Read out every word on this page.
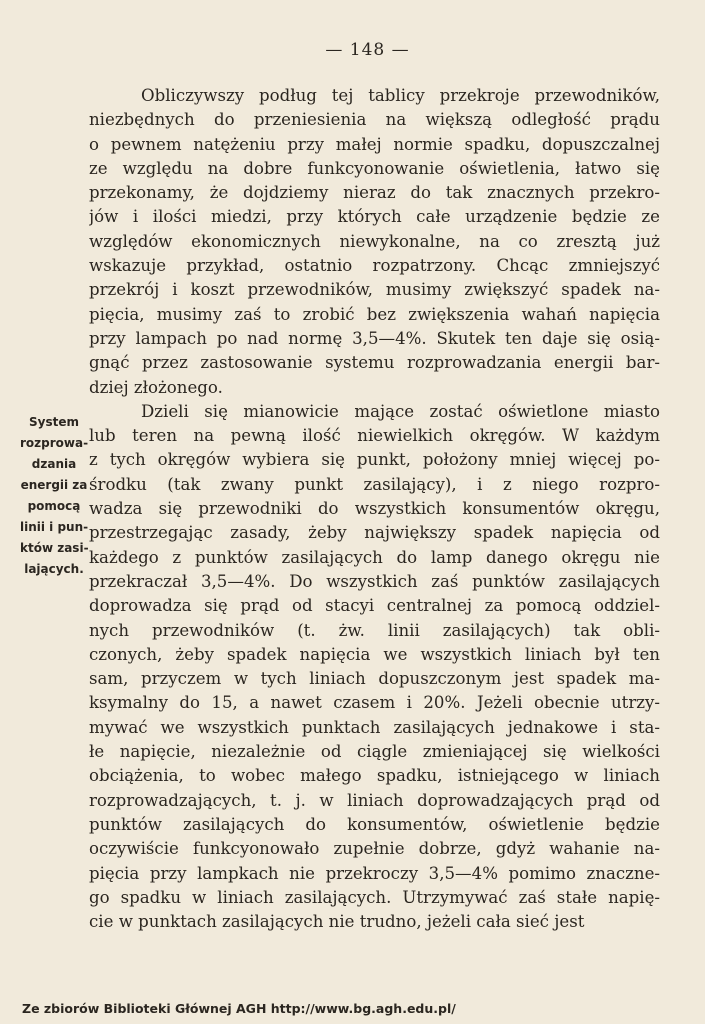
— 148 —
System
rozprowa-
dzania
energii za
pomocą
linii i pun-
któw zasi-
lających.
Obliczywszy podług tej tablicy przekroje przewodników,
niezbędnych do przeniesienia na większą odległość prądu
o pewnem natężeniu przy małej normie spadku, dopuszczalnej
ze względu na dobre funkcyonowanie oświetlenia, łatwo się
przekonamy, że dojdziemy nieraz do tak znacznych przekro-
jów i ilości miedzi, przy których całe urządzenie będzie ze
względów ekonomicznych niewykonalne, na co zresztą już
wskazuje przykład, ostatnio rozpatrzony. Chcąc zmniejszyć
przekrój i koszt przewodników, musimy zwiększyć spadek na-
pięcia, musimy zaś to zrobić bez zwiększenia wahań napięcia
przy lampach po nad normę 3,5—4%. Skutek ten daje się osią-
gnąć przez zastosowanie systemu rozprowadzania energii bar-
dziej złożonego.
Dzieli się mianowicie mające zostać oświetlone miasto
lub teren na pewną ilość niewielkich okręgów. W każdym
z tych okręgów wybiera się punkt, położony mniej więcej po-
środku (tak zwany punkt zasilający), i z niego rozpro-
wadza się przewodniki do wszystkich konsumentów okręgu,
przestrzegając zasady, żeby największy spadek napięcia od
każdego z punktów zasilających do lamp danego okręgu nie
przekraczał 3,5—4%. Do wszystkich zaś punktów zasilających
doprowadza się prąd od stacyi centralnej za pomocą oddziel-
nych przewodników (t. żw. linii zasilających) tak obli-
czonych, żeby spadek napięcia we wszystkich liniach był ten
sam, przyczem w tych liniach dopuszczonym jest spadek ma-
ksymalny do 15, a nawet czasem i 20%. Jeżeli obecnie utrzy-
mywać we wszystkich punktach zasilających jednakowe i sta-
łe napięcie, niezależnie od ciągle zmieniającej się wielkości
obciążenia, to wobec małego spadku, istniejącego w liniach
rozprowadzających, t. j. w liniach doprowadzających prąd od
punktów zasilających do konsumentów, oświetlenie będzie
oczywiście funkcyonowało zupełnie dobrze, gdyż wahanie na-
pięcia przy lampkach nie przekroczy 3,5—4% pomimo znaczne-
go spadku w liniach zasilających. Utrzymywać zaś stałe napię-
cie w punktach zasilających nie trudno, jeżeli cała sieć jest
Ze zbiorów Biblioteki Głównej AGH http://www.bg.agh.edu.pl/
